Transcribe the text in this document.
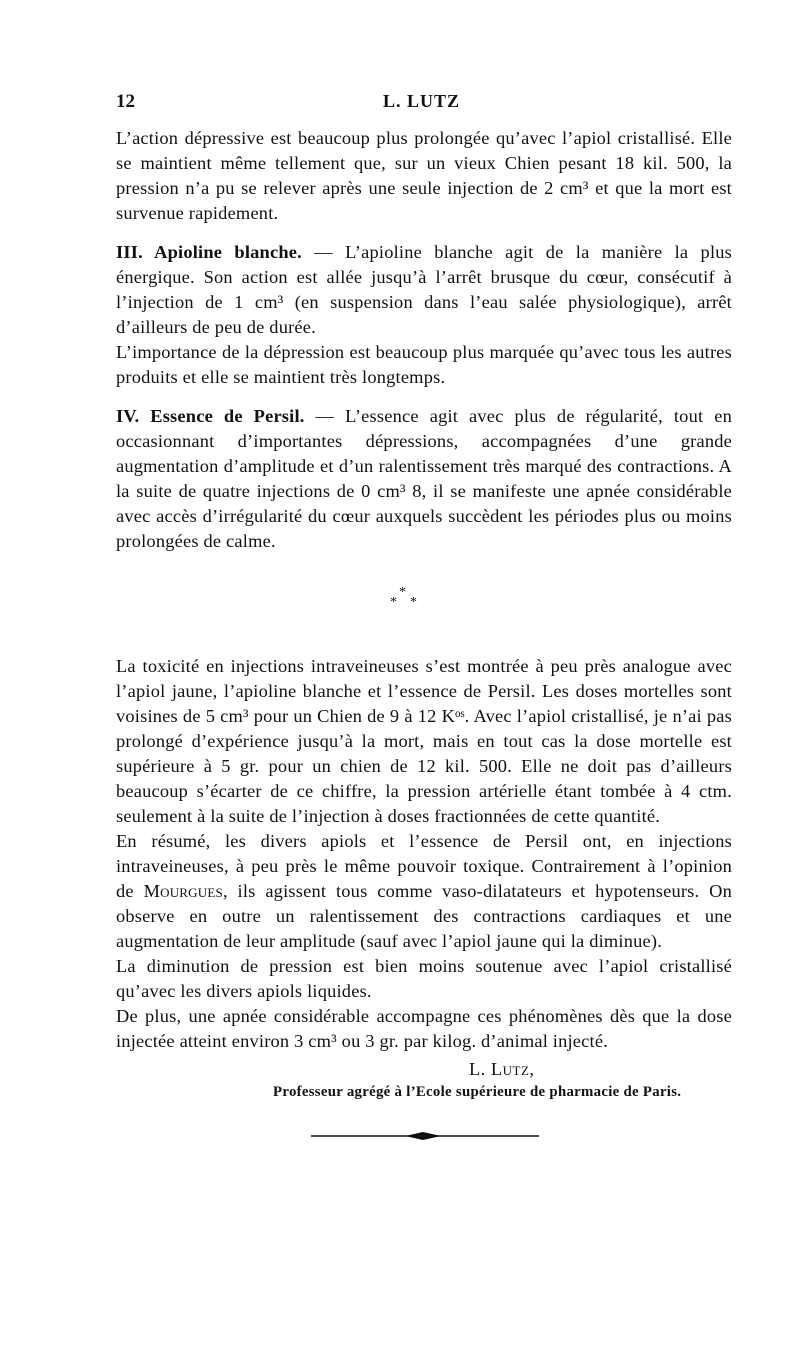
12	L. LUTZ

L’action dépressive est beaucoup plus prolongée qu’avec l’apiol cristallisé. Elle se maintient même tellement que, sur un vieux Chien pesant 18 kil. 500, la pression n’a pu se relever après une seule injection de 2 cm³ et que la mort est survenue rapidement.

III. Apioline blanche. — L’apioline blanche agit de la manière la plus énergique. Son action est allée jusqu’à l’arrêt brusque du cœur, consécutif à l’injection de 1 cm³ (en suspension dans l’eau salée physiologique), arrêt d’ailleurs de peu de durée.

L’importance de la dépression est beaucoup plus marquée qu’avec tous les autres produits et elle se maintient très longtemps.

IV. Essence de Persil. — L’essence agit avec plus de régularité, tout en occasionnant d’importantes dépressions, accompagnées d’une grande augmentation d’amplitude et d’un ralentissement très marqué des contractions. A la suite de quatre injections de 0 cm³ 8, il se manifeste une apnée considérable avec accès d’irrégularité du cœur auxquels succèdent les périodes plus ou moins prolongées de calme.

*
* *

La toxicité en injections intraveineuses s’est montrée à peu près analogue avec l’apiol jaune, l’apioline blanche et l’essence de Persil. Les doses mortelles sont voisines de 5 cm³ pour un Chien de 9 à 12 Kᵒˢ. Avec l’apiol cristallisé, je n’ai pas prolongé d’expérience jusqu’à la mort, mais en tout cas la dose mortelle est supérieure à 5 gr. pour un chien de 12 kil. 500. Elle ne doit pas d’ailleurs beaucoup s’écarter de ce chiffre, la pression artérielle étant tombée à 4 ctm. seulement à la suite de l’injection à doses fractionnées de cette quantité.

En résumé, les divers apiols et l’essence de Persil ont, en injections intraveineuses, à peu près le même pouvoir toxique. Contrairement à l’opinion de Mourgues, ils agissent tous comme vaso-dilatateurs et hypotenseurs. On observe en outre un ralentissement des contractions cardiaques et une augmentation de leur amplitude (sauf avec l’apiol jaune qui la diminue).

La diminution de pression est bien moins soutenue avec l’apiol cristallisé qu’avec les divers apiols liquides.

De plus, une apnée considérable accompagne ces phénomènes dès que la dose injectée atteint environ 3 cm³ ou 3 gr. par kilog. d’animal injecté.

L. Lutz,
Professeur agrégé à l’Ecole supérieure de pharmacie de Paris.
